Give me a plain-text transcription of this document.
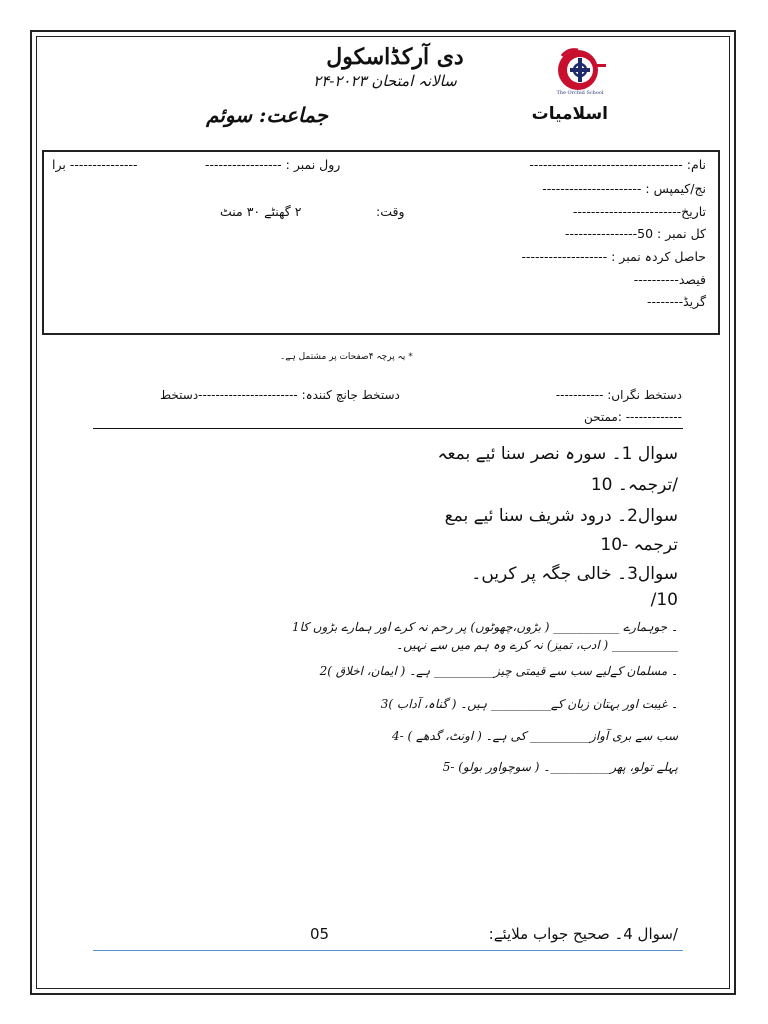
دی آرکڈاسکول
سالانہ امتحان ۲۰۲۳-۲۴
جماعت: سوئم	اسلامیات
The Orchid School
نام: ----------------------------------
رول نمبر : -----------------
--------------- برا
نج/کیمپس : ----------------------
تاریخ------------------------
وقت:
۲ گھنٹے ۳۰ منٹ
کل نمبر : 50----------------
حاصل کردہ نمبر : -------------------
فیصد----------
گریڈ--------
* یہ پرچہ ۴صفحات پر مشتمل ہے۔
دستخط نگراں: -----------
دستخط جانچ کنندہ: -----------------------دستخط
------------- :ممتحن
سوال 1۔ سورہ نصر سنا ئیے بمعہ
/ترجمہ۔ 10
سوال2۔ درود شریف سنا ئیے بمع
ترجمہ -10
سوال3۔ خالی جگہ پر کریں۔
10/
۔ جوہمارے ___________ ( بڑوں،چھوٹوں) پر رحم نہ کرے اور ہمارے بڑوں کا1
___________ ( ادب، تمیز) نہ کرے وہ ہم میں سے نہیں۔
۔ مسلمان کےلیے سب سے قیمتی چیز__________ ہے۔ ( ایمان، اخلاق )2
۔ غیبت اور بہتان زبان کے__________ ہیں۔ ( گناہ، آداب )3
سب سے بری آواز__________ کی ہے۔ ( اونٹ، گدھے ) -4
پہلے تولو، پھر__________۔ ( سوچواور بولو) -5
/سوال 4۔ صحیح جواب ملایئے:
05
